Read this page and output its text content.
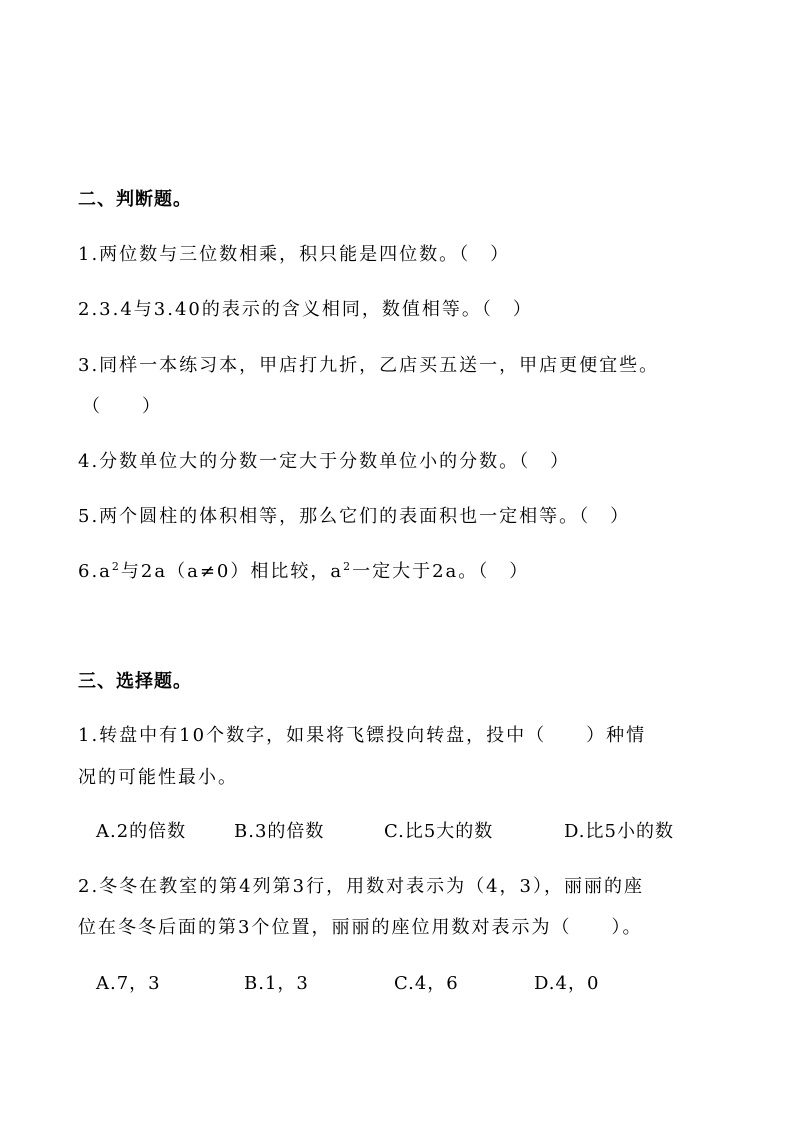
二、判断题。
1.两位数与三位数相乘，积只能是四位数。（　）
2.3.4与3.40的表示的含义相同，数值相等。（　）
3.同样一本练习本，甲店打九折，乙店买五送一，甲店更便宜些。
（　　）
4.分数单位大的分数一定大于分数单位小的分数。（　）
5.两个圆柱的体积相等，那么它们的表面积也一定相等。（　）
$6.a^2$与2a（a≠0）相比较，$a^2$一定大于2a。（　）
三、选择题。
1.转盘中有10个数字，如果将飞镖投向转盘，投中（　　）种情
况的可能性最小。
A.2的倍数	B.3的倍数	C.比5大的数	D.比5小的数
2.冬冬在教室的第4列第3行，用数对表示为（4，3），丽丽的座
位在冬冬后面的第3个位置，丽丽的座位用数对表示为（　　）。
A.7，3	B.1，3	C.4，6	D.4，0
